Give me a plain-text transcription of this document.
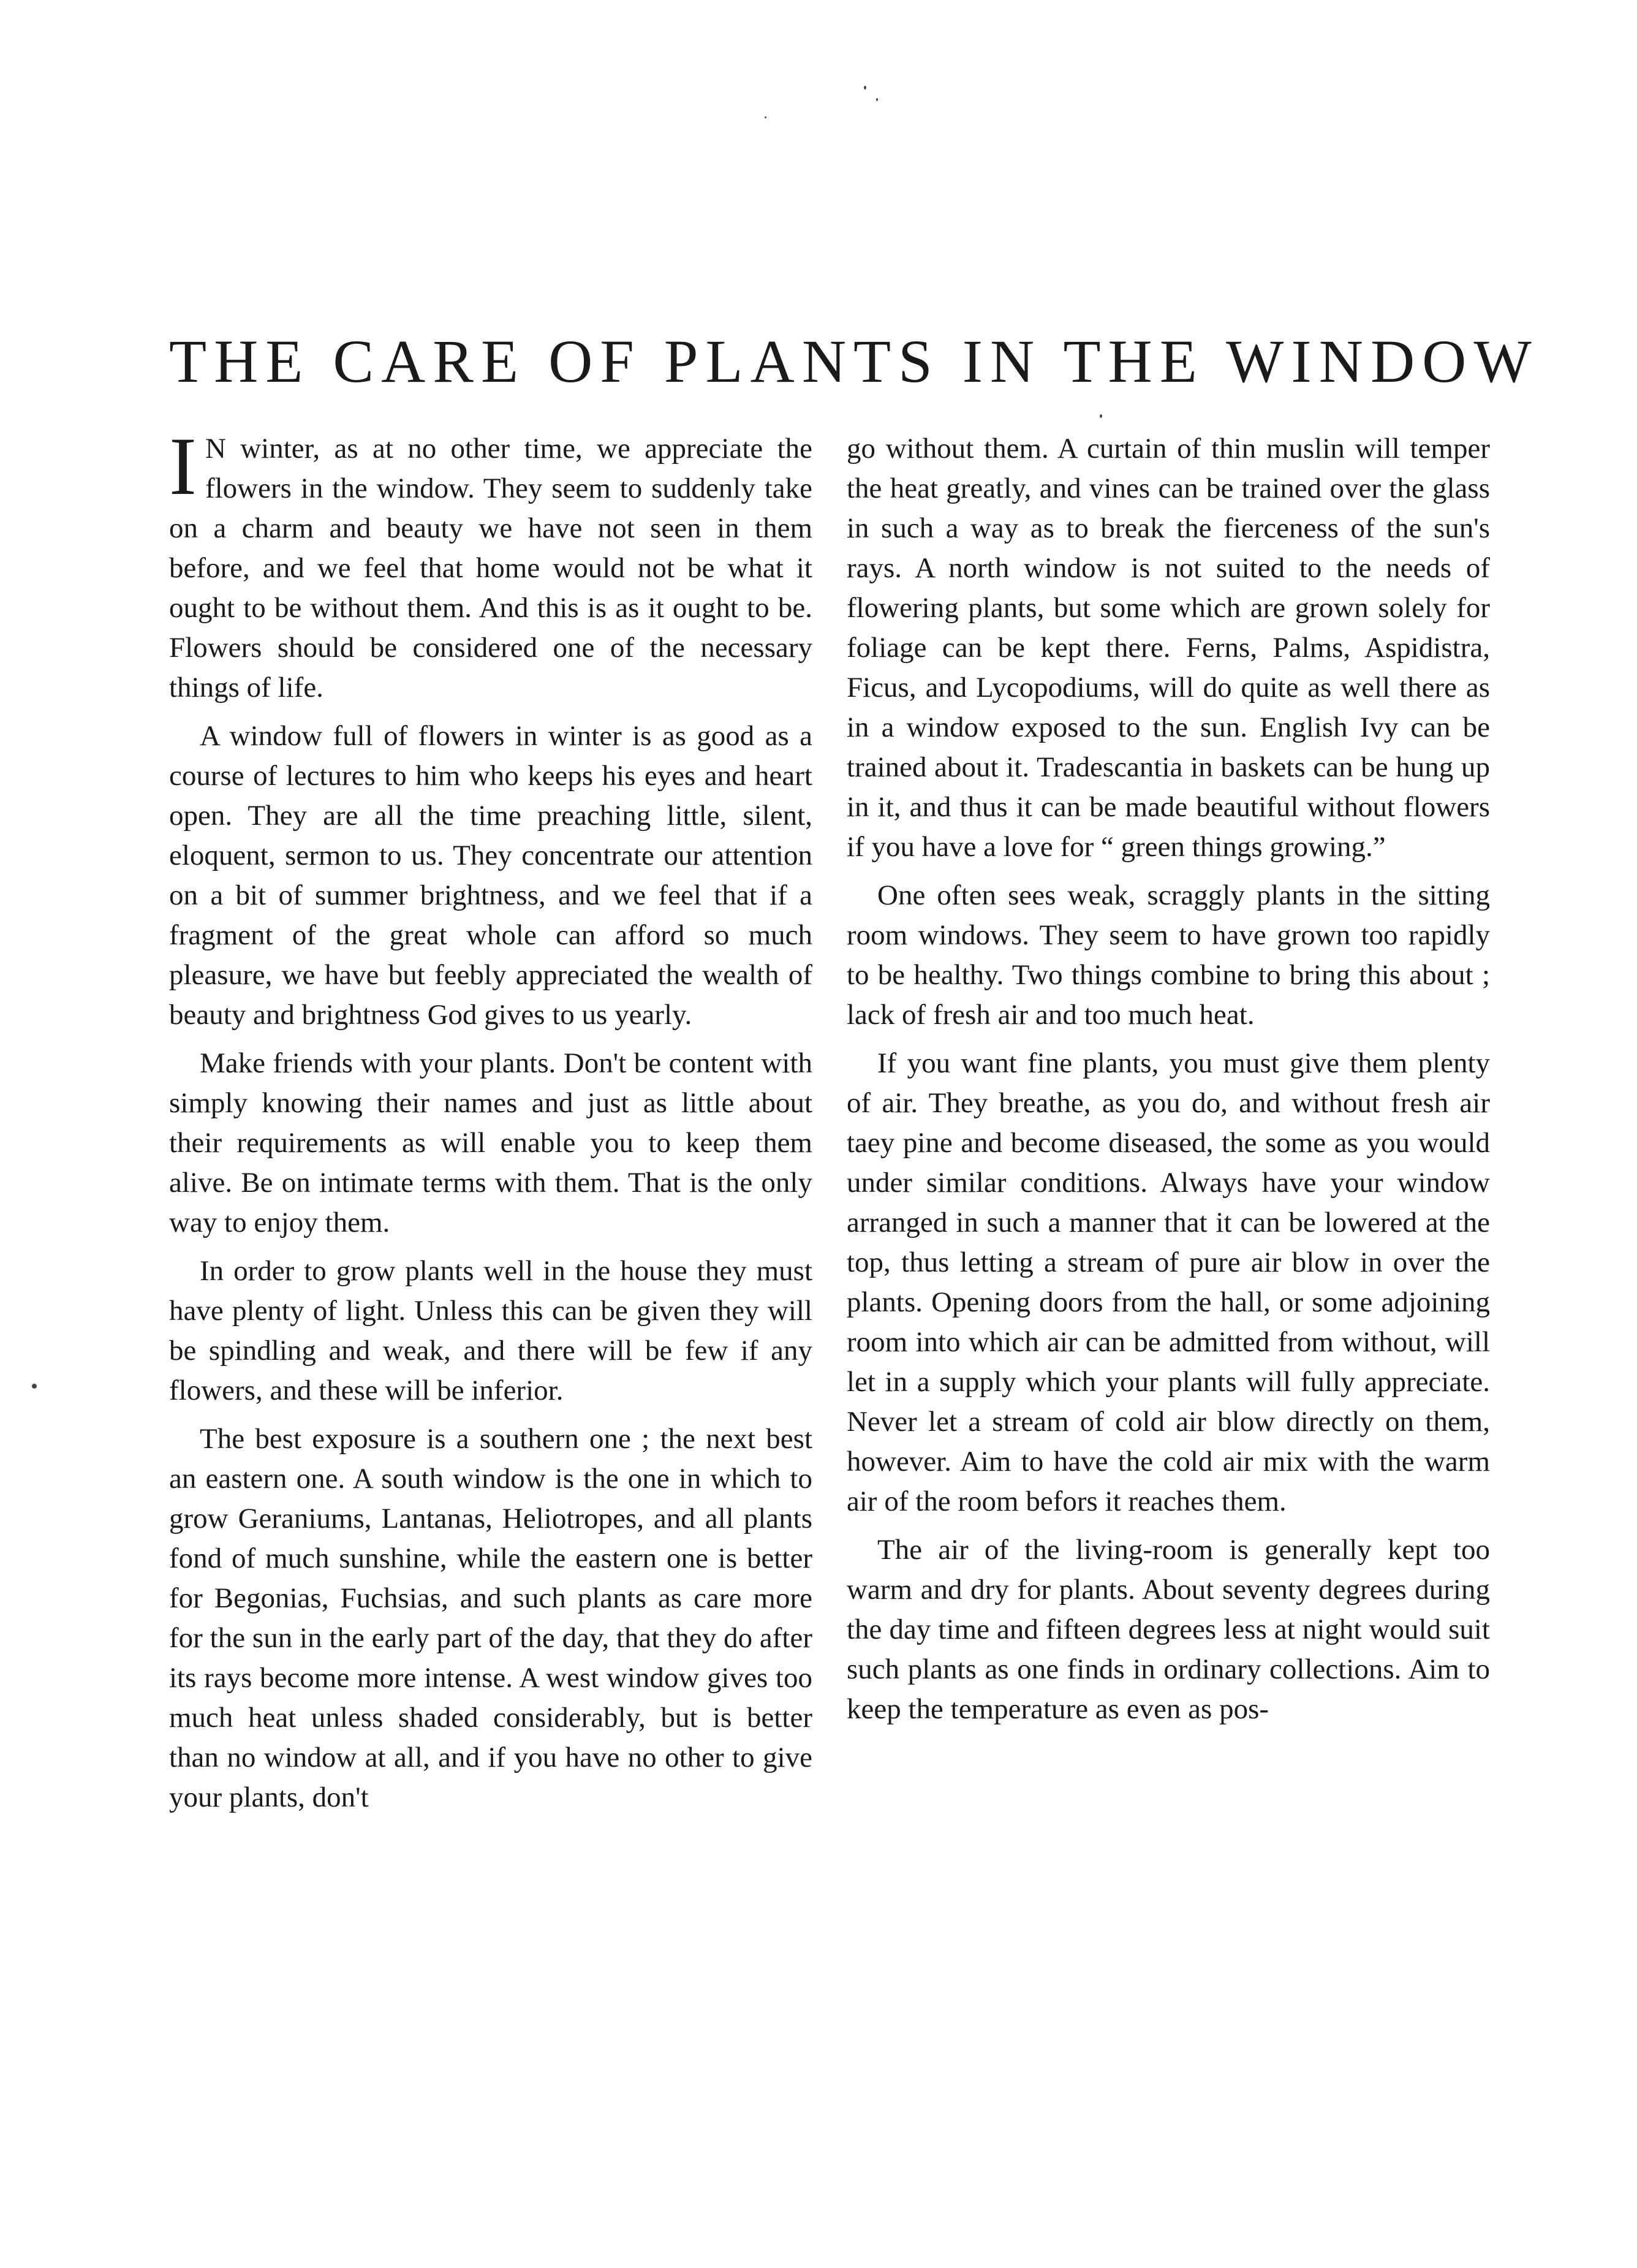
THE CARE OF PLANTS IN THE WINDOW

I N winter, as at no other time, we appreciate the flowers in the window. They seem to suddenly take on a charm and beauty we have not seen in them before, and we feel that home would not be what it ought to be without them. And this is as it ought to be. Flowers should be considered one of the necessary things of life.

A window full of flowers in winter is as good as a course of lectures to him who keeps his eyes and heart open. They are all the time preaching little, silent, eloquent, sermon to us. They concentrate our attention on a bit of summer brightness, and we feel that if a fragment of the great whole can afford so much pleasure, we have but feebly appreciated the wealth of beauty and brightness God gives to us yearly.

Make friends with your plants. Don't be content with simply knowing their names and just as little about their requirements as will enable you to keep them alive. Be on intimate terms with them. That is the only way to enjoy them.

In order to grow plants well in the house they must have plenty of light. Unless this can be given they will be spindling and weak, and there will be few if any flowers, and these will be inferior.

The best exposure is a southern one ; the next best an eastern one. A south window is the one in which to grow Geraniums, Lantanas, Heliotropes, and all plants fond of much sunshine, while the eastern one is better for Begonias, Fuchsias, and such plants as care more for the sun in the early part of the day, that they do after its rays become more intense. A west window gives too much heat unless shaded considerably, but is better than no window at all, and if you have no other to give your plants, don't

go without them. A curtain of thin muslin will temper the heat greatly, and vines can be trained over the glass in such a way as to break the fierceness of the sun's rays. A north window is not suited to the needs of flowering plants, but some which are grown solely for foliage can be kept there. Ferns, Palms, Aspidistra, Ficus, and Lycopodiums, will do quite as well there as in a window exposed to the sun. English Ivy can be trained about it. Tradescantia in baskets can be hung up in it, and thus it can be made beautiful without flowers if you have a love for “ green things growing.”

One often sees weak, scraggly plants in the sitting room windows. They seem to have grown too rapidly to be healthy. Two things combine to bring this about ; lack of fresh air and too much heat.

If you want fine plants, you must give them plenty of air. They breathe, as you do, and without fresh air taey pine and become diseased, the some as you would under similar conditions. Always have your window arranged in such a manner that it can be lowered at the top, thus letting a stream of pure air blow in over the plants. Opening doors from the hall, or some adjoining room into which air can be admitted from without, will let in a supply which your plants will fully appreciate. Never let a stream of cold air blow directly on them, however. Aim to have the cold air mix with the warm air of the room befors it reaches them.

The air of the living-room is generally kept too warm and dry for plants. About seventy degrees during the day time and fifteen degrees less at night would suit such plants as one finds in ordinary collections. Aim to keep the temperature as even as pos-
